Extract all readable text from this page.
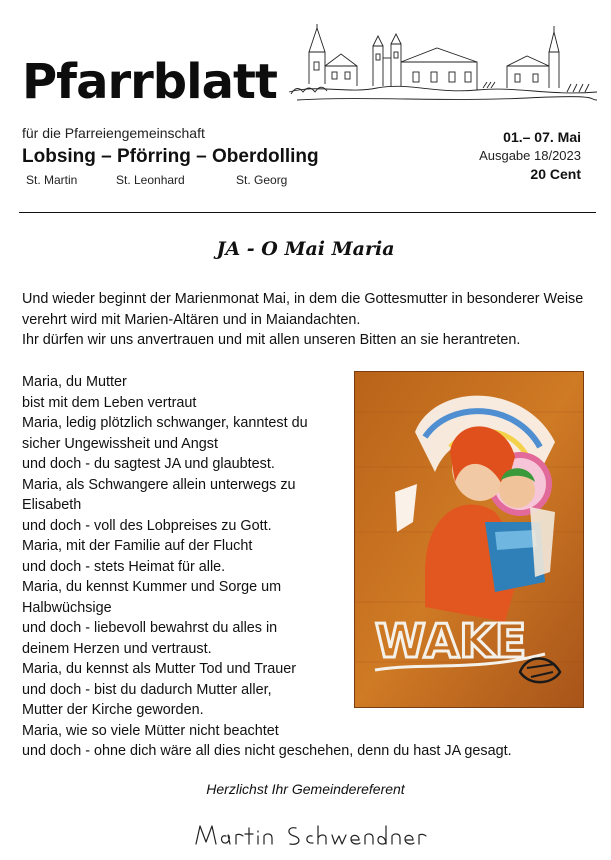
Pfarrblatt
für die Pfarreiengemeinschaft
Lobsing – Pförring – Oberdolling
St. Martin	St. Leonhard	St. Georg
01.– 07. Mai
Ausgabe 18/2023
20 Cent
JA - O Mai Maria

Und wieder beginnt der Marienmonat Mai, in dem die Gottesmutter in besonderer Weise verehrt wird mit Marien-Altären und in Maiandachten.

Ihr dürfen wir uns anvertrauen und mit allen unseren Bitten an sie herantreten.

Maria, du Mutter

bist mit dem Leben vertraut

Maria, ledig plötzlich schwanger, kanntest du

sicher Ungewissheit und Angst

und doch - du sagtest JA und glaubtest.

Maria, als Schwangere allein unterwegs zu

Elisabeth

und doch - voll des Lobpreises zu Gott.

Maria, mit der Familie auf der Flucht

und doch - stets Heimat für alle.

Maria, du kennst Kummer und Sorge um

Halbwüchsige

und doch - liebevoll bewahrst du alles in

deinem Herzen und vertraust.

Maria, du kennst als Mutter Tod und Trauer

und doch - bist du dadurch Mutter aller,

Mutter der Kirche geworden.

Maria, wie so viele Mütter nicht beachtet

und doch - ohne dich wäre all dies nicht geschehen, denn du hast JA gesagt.

WAKE
Herzlichst Ihr Gemeindereferent
